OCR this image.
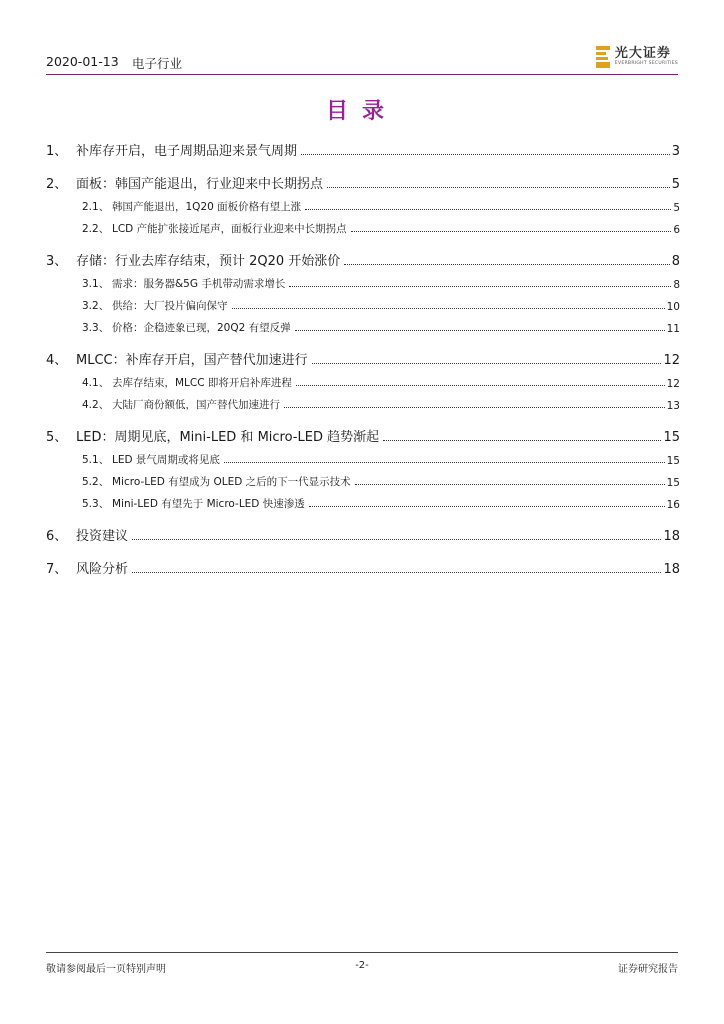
2020-01-13 电子行业
光大证券
EVERBRIGHT SECURITIES
目录
1、 补库存开启，电子周期品迎来景气周期	3
2、 面板：韩国产能退出，行业迎来中长期拐点	5
2.1、 韩国产能退出，1Q20 面板价格有望上涨	5
2.2、 LCD 产能扩张接近尾声，面板行业迎来中长期拐点	6
3、 存储：行业去库存结束，预计 2Q20 开始涨价	8
3.1、 需求：服务器&5G 手机带动需求增长	8
3.2、 供给：大厂投片偏向保守	10
3.3、 价格：企稳迹象已现，20Q2 有望反弹	11
4、 MLCC：补库存开启，国产替代加速进行	12
4.1、 去库存结束，MLCC 即将开启补库进程	12
4.2、 大陆厂商份额低，国产替代加速进行	13
5、 LED：周期见底，Mini-LED 和 Micro-LED 趋势渐起	15
5.1、 LED 景气周期或将见底	15
5.2、 Micro-LED 有望成为 OLED 之后的下一代显示技术	15
5.3、 Mini-LED 有望先于 Micro-LED 快速渗透	16
6、 投资建议	18
7、 风险分析	18
敬请参阅最后一页特别声明	-2-	证券研究报告
